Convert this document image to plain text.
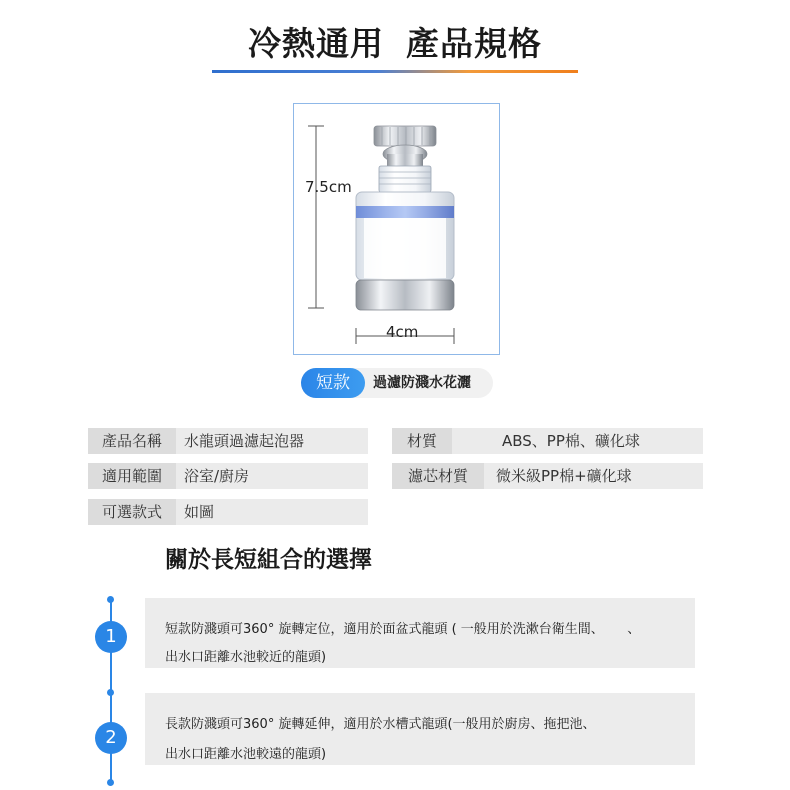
冷熱通用 產品規格
7.5cm
4cm
短款	過濾防濺水花灑
產品名稱	水龍頭過濾起泡器	材質	ABS、PP棉、礦化球
適用範圍	浴室/廚房	濾芯材質	微米級PP棉+礦化球
可選款式	如圖
關於長短組合的選擇
短款防濺頭可360° 旋轉定位，適用於面盆式龍頭 ( 一般用於洗漱台衛生間、 、
出水口距離水池較近的龍頭)
1
長款防濺頭可360° 旋轉延伸，適用於水槽式龍頭(一般用於廚房、拖把池、
出水口距離水池較遠的龍頭)
2
